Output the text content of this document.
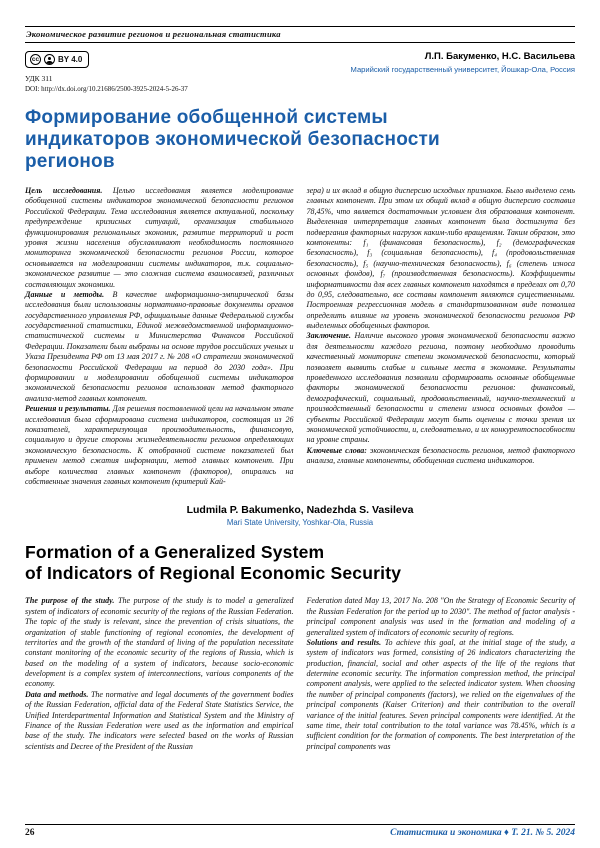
Экономическое развитие регионов и региональная статистика
cc BY 4.0
УДК 311
DOI: http://dx.doi.org/10.21686/2500-3925-2024-5-26-37
Л.П. Бакуменко, Н.С. Васильева
Марийский государственный университет, Йошкар-Ола, Россия
Формирование обобщенной системы
индикаторов экономической безопасности
регионов

Цель исследования. Целью исследования является моделирование обобщенной системы индикаторов экономической безопасности регионов Российской Федерации. Тема исследования является актуальной, поскольку предупреждение кризисных ситуаций, организация стабильного функционирования региональных экономик, развитие территорий и рост уровня жизни населения обуславливают необходимость постоянного мониторинга экономической безопасности регионов России, которое основывается на моделировании системы индикаторов, т.к. социально-экономическое развитие — это сложная система взаимосвязей, различных составляющих экономики.

Данные и методы. В качестве информационно-эмпирической базы исследования были использованы нормативно-правовые документы органов государственного управления РФ, официальные данные Федеральной службы государственной статистики, Единой межведомственной информационно-статистической системы и Министерства Финансов Российской Федерации. Показатели были выбраны на основе трудов российских ученых и Указа Президента РФ от 13 мая 2017 г. № 208 «О стратегии экономической безопасности Российской Федерации на период до 2030 года». При формировании и моделировании обобщенной системы индикаторов экономической безопасности регионов использован метод факторного анализа-метод главных компонент.

Решения и результаты. Для решения поставленной цели на начальном этапе исследования была сформирована система индикаторов, состоящая из 26 показателей, характеризующая производительность, финансовую, социальную и другие стороны жизнедеятельности регионов определяющих экономическую безопасность. К отобранной системе показателей был применен метод сжатия информации, метод главных компонент. При выборе количества главных компонент (факторов), опирались на собственные значения главных компонент (критерий Кай-

зера) и их вклад в общую дисперсию исходных признаков. Было выделено семь главных компонент. При этом их общий вклад в общую дисперсию составил 78,45%, что является достаточным условием для образования компонент. Выделенная интерпретация главных компонент была достигнута без подвергания факторных нагрузок каким-либо вращениям. Таким образом, это компоненты: f₁ (финансовая безопасность), f₂ (демографическая безопасность), f₃ (социальная безопасность), f₄ (продовольственная безопасность), f₅ (научно-техническая безопасность), f₆ (степень износа основных фондов), f₇ (производственная безопасность). Коэффициенты информативности для всех главных компонент находятся в пределах от 0,70 до 0,95, следовательно, все составы компонент являются существенными. Построенная регрессионная модель в стандартизованном виде позволила определить влияние на уровень экономической безопасности регионов РФ выделенных обобщенных факторов.

Заключение. Наличие высокого уровня экономической безопасности важно для деятельности каждого региона, поэтому необходимо проводить качественный мониторинг степени экономической безопасности, который позволяет выявить слабые и сильные места в экономике. Результаты проведенного исследования позволили сформировать основные обобщенные факторы экономической безопасности регионов: финансовый, демографический, социальный, продовольственный, научно-технический и производственный безопасности и степени износа основных фондов — субъекты Российской Федерации могут быть оценены с точки зрения их экономической устойчивости, и, следовательно, и их конкурентоспособности на уровне страны.

Ключевые слова: экономическая безопасность регионов, метод факторного анализа, главные компоненты, обобщенная система индикаторов.

Ludmila P. Bakumenko, Nadezhda S. Vasileva
Mari State University, Yoshkar-Ola, Russia
Formation of a Generalized System
of Indicators of Regional Economic Security

The purpose of the study. The purpose of the study is to model a generalized system of indicators of economic security of the regions of the Russian Federation. The topic of the study is relevant, since the prevention of crisis situations, the organization of stable functioning of regional economies, the development of territories and the growth of the standard of living of the population necessitate constant monitoring of the economic security of the regions of Russia, which is based on the modeling of a system of indicators, because socio-economic development is a complex system of interconnections, various components of the economy.

Data and methods. The normative and legal documents of the government bodies of the Russian Federation, official data of the Federal State Statistics Service, the Unified Interdepartmental Information and Statistical System and the Ministry of Finance of the Russian Federation were used as the information and empirical base of the study. The indicators were selected based on the works of Russian scientists and Decree of the President of the Russian

Federation dated May 13, 2017 No. 208 "On the Strategy of Economic Security of the Russian Federation for the period up to 2030". The method of factor analysis - principal component analysis was used in the formation and modeling of a generalized system of indicators of economic security of regions.

Solutions and results. To achieve this goal, at the initial stage of the study, a system of indicators was formed, consisting of 26 indicators characterizing the production, financial, social and other aspects of the life of the regions that determine economic security. The information compression method, the principal component analysis, were applied to the selected indicator system. When choosing the number of principal components (factors), we relied on the eigenvalues of the principal components (Kaiser Criterion) and their contribution to the overall variance of the initial features. Seven principal components were identified. At the same time, their total contribution to the total variance was 78.45%, which is a sufficient condition for the formation of components. The best interpretation of the principal components was

26	Статистика и экономика ♦ Т. 21. № 5. 2024
